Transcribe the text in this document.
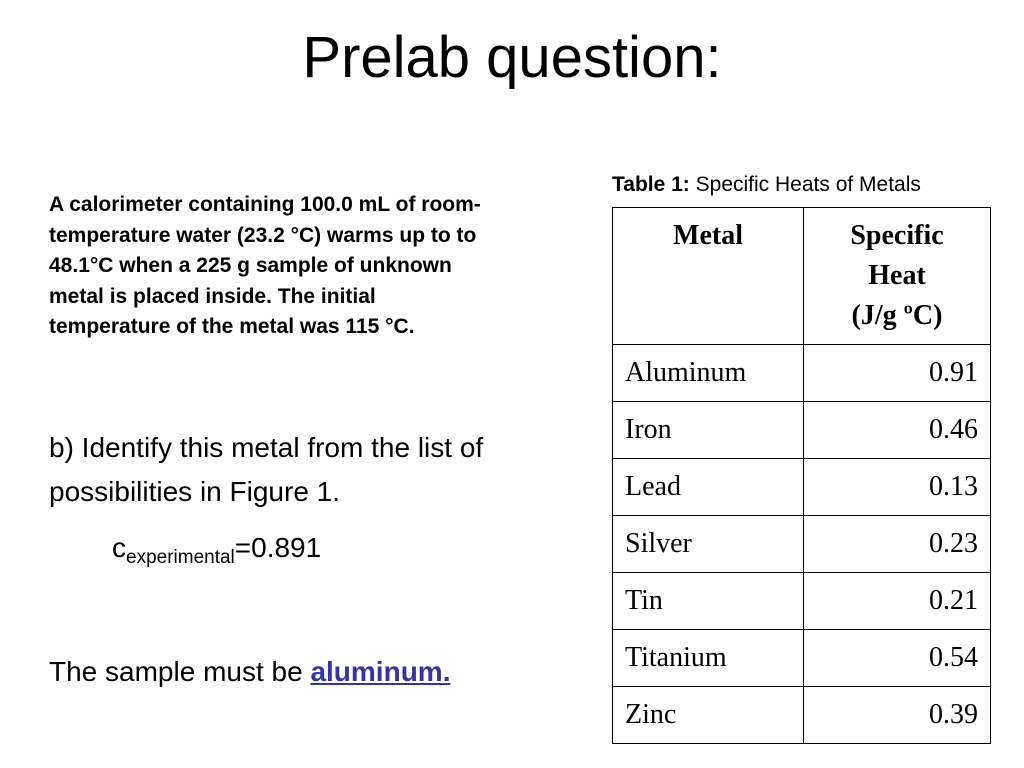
Prelab question:
A calorimeter containing 100.0 mL of room-
temperature water (23.2 °C) warms up to to
48.1°C when a 225 g sample of unknown
metal is placed inside. The initial
temperature of the metal was 115 °C.
b) Identify this metal from the list of
possibilities in Figure 1.
$c_{experimental}=0.891$
The sample must be aluminum.
Table 1: Specific Heats of Metals
Metal	Specific
Heat
(J/g ºC)

Aluminum	0.91
Iron	0.46
Lead	0.13
Silver	0.23
Tin	0.21
Titanium	0.54
Zinc	0.39
